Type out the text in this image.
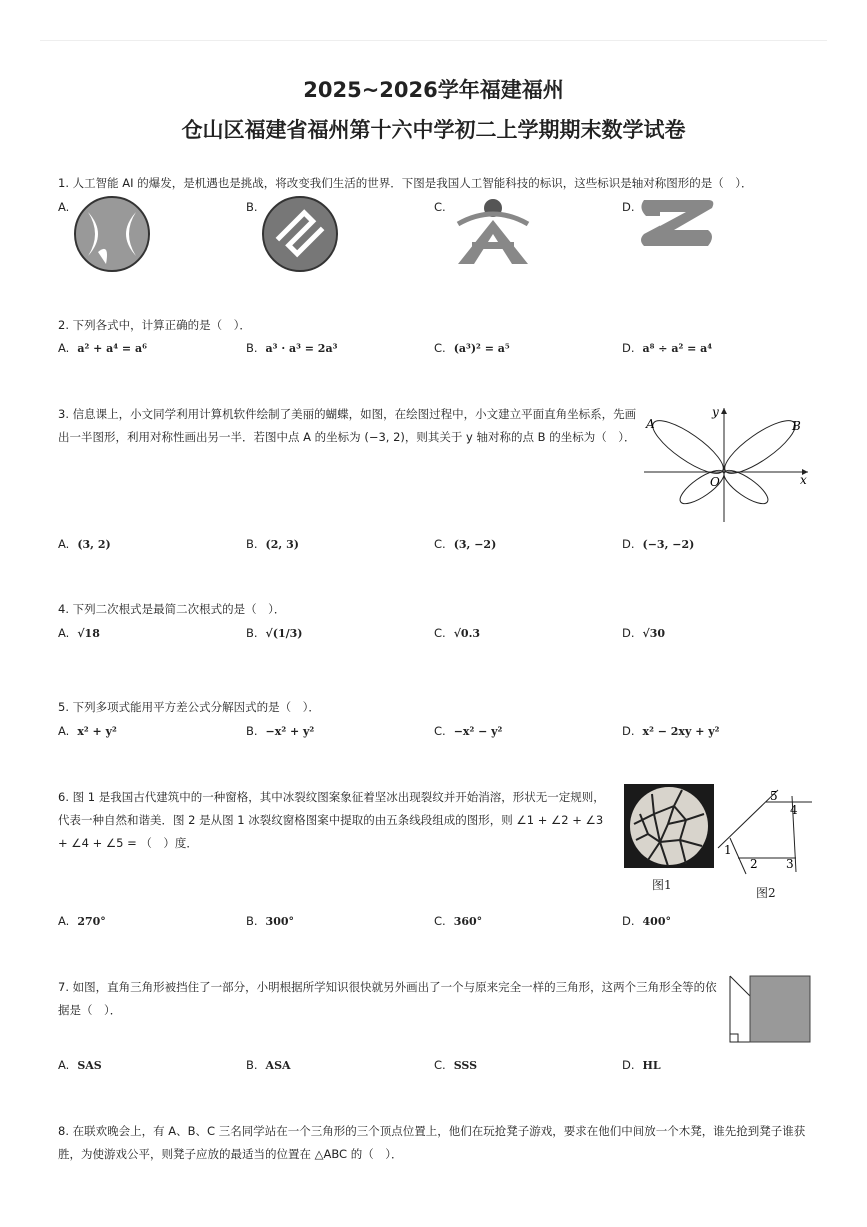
2025~2026学年福建福州
仓山区福建省福州第十六中学初二上学期期末数学试卷
1. 人工智能 AI 的爆发，是机遇也是挑战，将改变我们生活的世界．下图是我国人工智能科技的标识，这些标识是轴对称图形的是（　）．
A.	B.	C.	D.
2. 下列各式中，计算正确的是（　）．
A. a² + a⁴ = a⁶	B. a³ · a³ = 2a³	C. (a³)² = a⁵	D. a⁸ ÷ a² = a⁴
3. 信息课上，小文同学利用计算机软件绘制了美丽的蝴蝶，如图，在绘图过程中，小文建立平面直角坐标系，先画出一半图形，利用对称性画出另一半．若图中点 A 的坐标为 (−3, 2)，则其关于 y 轴对称的点 B 的坐标为（　）．
A	B
O	x
y
A. (3, 2)	B. (2, 3)	C. (3, −2)	D. (−3, −2)
4. 下列二次根式是最简二次根式的是（　）．
A. √18	B. √(1/3)	C. √0.3	D. √30
5. 下列多项式能用平方差公式分解因式的是（　）．
A. x² + y²	B. −x² + y²	C. −x² − y²	D. x² − 2xy + y²
6. 图 1 是我国古代建筑中的一种窗格，其中冰裂纹图案象征着坚冰出现裂纹并开始消溶，形状无一定规则，代表一种自然和谐美．图 2 是从图 1 冰裂纹窗格图案中提取的由五条线段组成的图形，则 ∠1 + ∠2 + ∠3 + ∠4 + ∠5 = （　）度．
图1
1
2 3
4
5
图2
A. 270°	B. 300°	C. 360°	D. 400°
7. 如图，直角三角形被挡住了一部分，小明根据所学知识很快就另外画出了一个与原来完全一样的三角形，这两个三角形全等的依据是（　）．
A. SAS	B. ASA	C. SSS	D. HL
8. 在联欢晚会上，有 A、B、C 三名同学站在一个三角形的三个顶点位置上，他们在玩抢凳子游戏，要求在他们中间放一个木凳，谁先抢到凳子谁获胜，为使游戏公平，则凳子应放的最适当的位置在 △ABC 的（　）．
